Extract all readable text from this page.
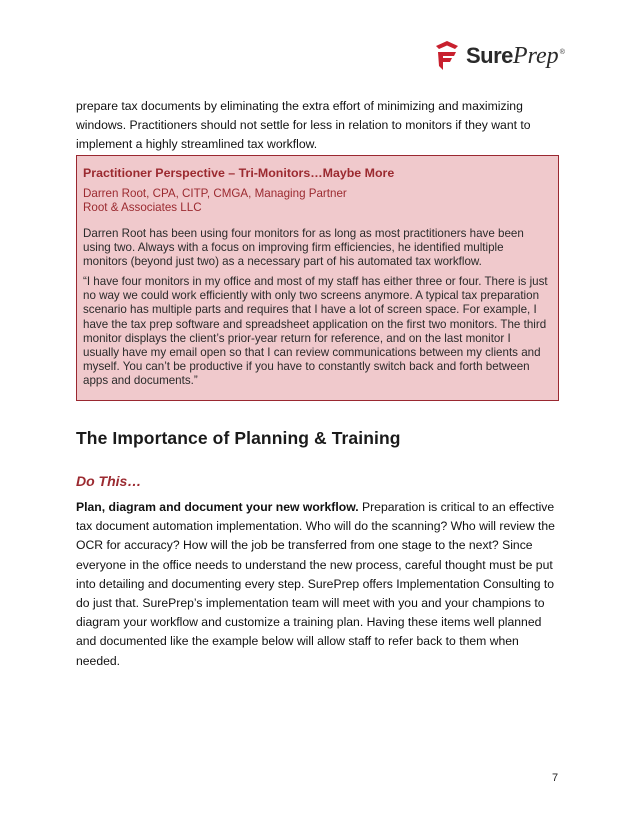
Sure Prep ®

prepare tax documents by eliminating the extra effort of minimizing and maximizing windows. Practitioners should not settle for less in relation to monitors if they want to implement a highly streamlined tax workflow.

Practitioner Perspective – Tri-Monitors…Maybe More

Darren Root, CPA, CITP, CMGA, Managing Partner

Root & Associates LLC

Darren Root has been using four monitors for as long as most practitioners have been using two. Always with a focus on improving firm efficiencies, he identified multiple monitors (beyond just two) as a necessary part of his automated tax workflow.

“I have four monitors in my office and most of my staff has either three or four. There is just no way we could work efficiently with only two screens anymore. A typical tax preparation scenario has multiple parts and requires that I have a lot of screen space. For example, I have the tax prep software and spreadsheet application on the first two monitors. The third monitor displays the client’s prior-year return for reference, and on the last monitor I usually have my email open so that I can review communications between my clients and myself. You can’t be productive if you have to constantly switch back and forth between apps and documents.”

The Importance of Planning & Training
Do This…

Plan, diagram and document your new workflow. Preparation is critical to an effective tax document automation implementation. Who will do the scanning? Who will review the OCR for accuracy? How will the job be transferred from one stage to the next? Since everyone in the office needs to understand the new process, careful thought must be put into detailing and documenting every step. SurePrep offers Implementation Consulting to do just that. SurePrep’s implementation team will meet with you and your champions to diagram your workflow and customize a training plan. Having these items well planned and documented like the example below will allow staff to refer back to them when needed.

7
